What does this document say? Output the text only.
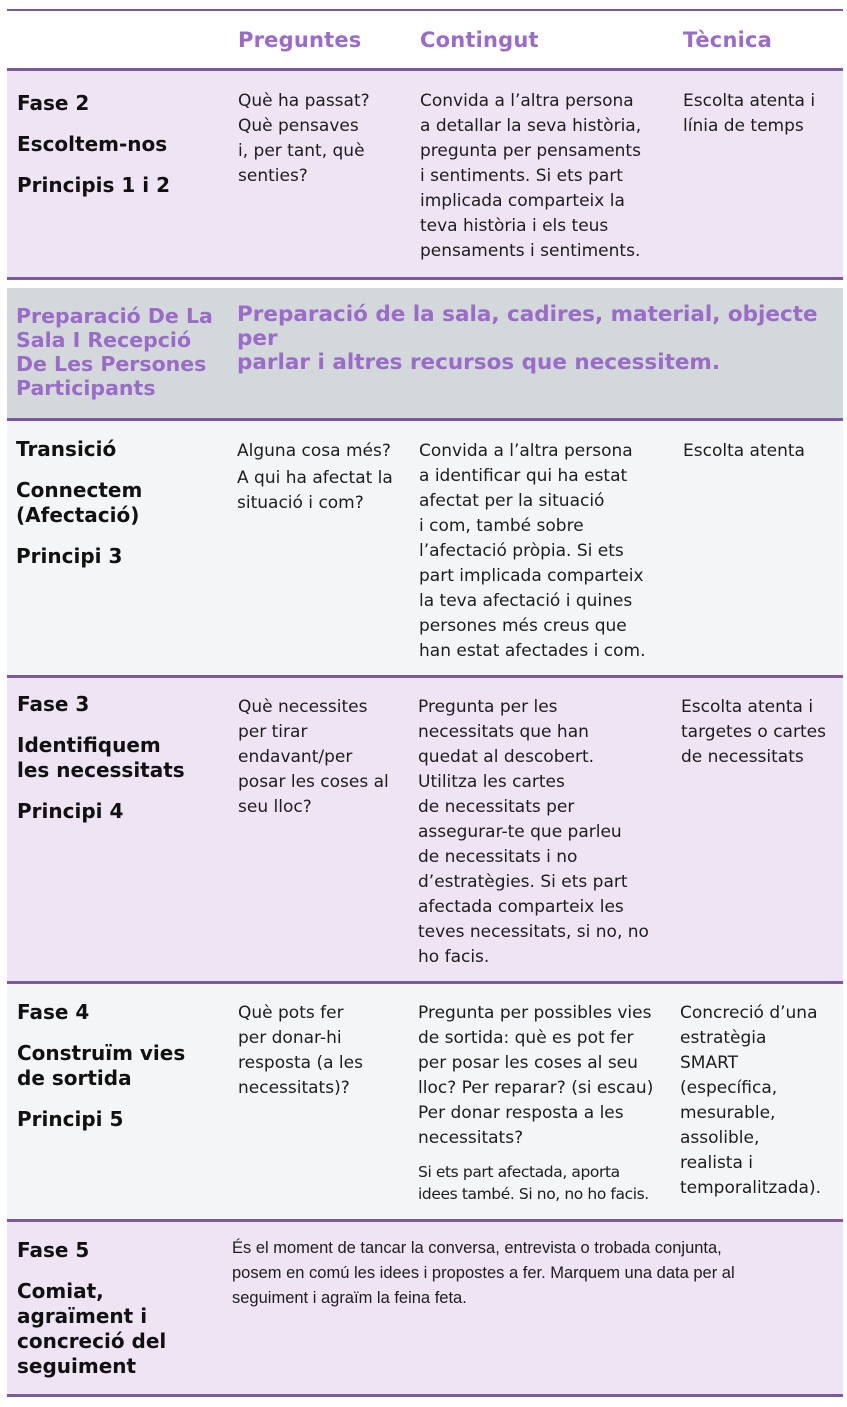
Preguntes	Contingut	Tècnica

Fase 2

Escoltem-nos

Principis 1 i 2

Què ha passat?
Què pensaves
i, per tant, què
senties?
Convida a l’altra persona
a detallar la seva història,
pregunta per pensaments
i sentiments. Si ets part
implicada comparteix la
teva història i els teus
pensaments i sentiments.
Escolta atenta i
línia de temps
Preparació De La
Sala I Recepció
De Les Persones
Participants
Preparació de la sala, cadires, material, objecte per
parlar i altres recursos que necessitem.

Transició

Connectem
(Afectació)

Principi 3

Alguna cosa més?
A qui ha afectat la
situació i com?
Convida a l’altra persona
a identificar qui ha estat
afectat per la situació
i com, també sobre
l’afectació pròpia. Si ets
part implicada comparteix
la teva afectació i quines
persones més creus que
han estat afectades i com.
Escolta atenta

Fase 3

Identifiquem
les necessitats

Principi 4

Què necessites
per tirar
endavant/per
posar les coses al
seu lloc?
Pregunta per les
necessitats que han
quedat al descobert.
Utilitza les cartes
de necessitats per
assegurar-te que parleu
de necessitats i no
d’estratègies. Si ets part
afectada comparteix les
teves necessitats, si no, no
ho facis.
Escolta atenta i
targetes o cartes
de necessitats

Fase 4

Construïm vies
de sortida

Principi 5

Què pots fer
per donar-hi
resposta (a les
necessitats)?
Pregunta per possibles vies
de sortida: què es pot fer
per posar les coses al seu
lloc? Per reparar? (si escau)
Per donar resposta a les
necessitats?
Si ets part afectada, aporta
idees també. Si no, no ho facis.
Concreció d’una
estratègia
SMART
(específica,
mesurable,
assolible,
realista i
temporalitzada).

Fase 5

Comiat,
agraïment i
concreció del
seguiment

És el moment de tancar la conversa, entrevista o trobada conjunta,
posem en comú les idees i propostes a fer. Marquem una data per al
seguiment i agraïm la feina feta.
